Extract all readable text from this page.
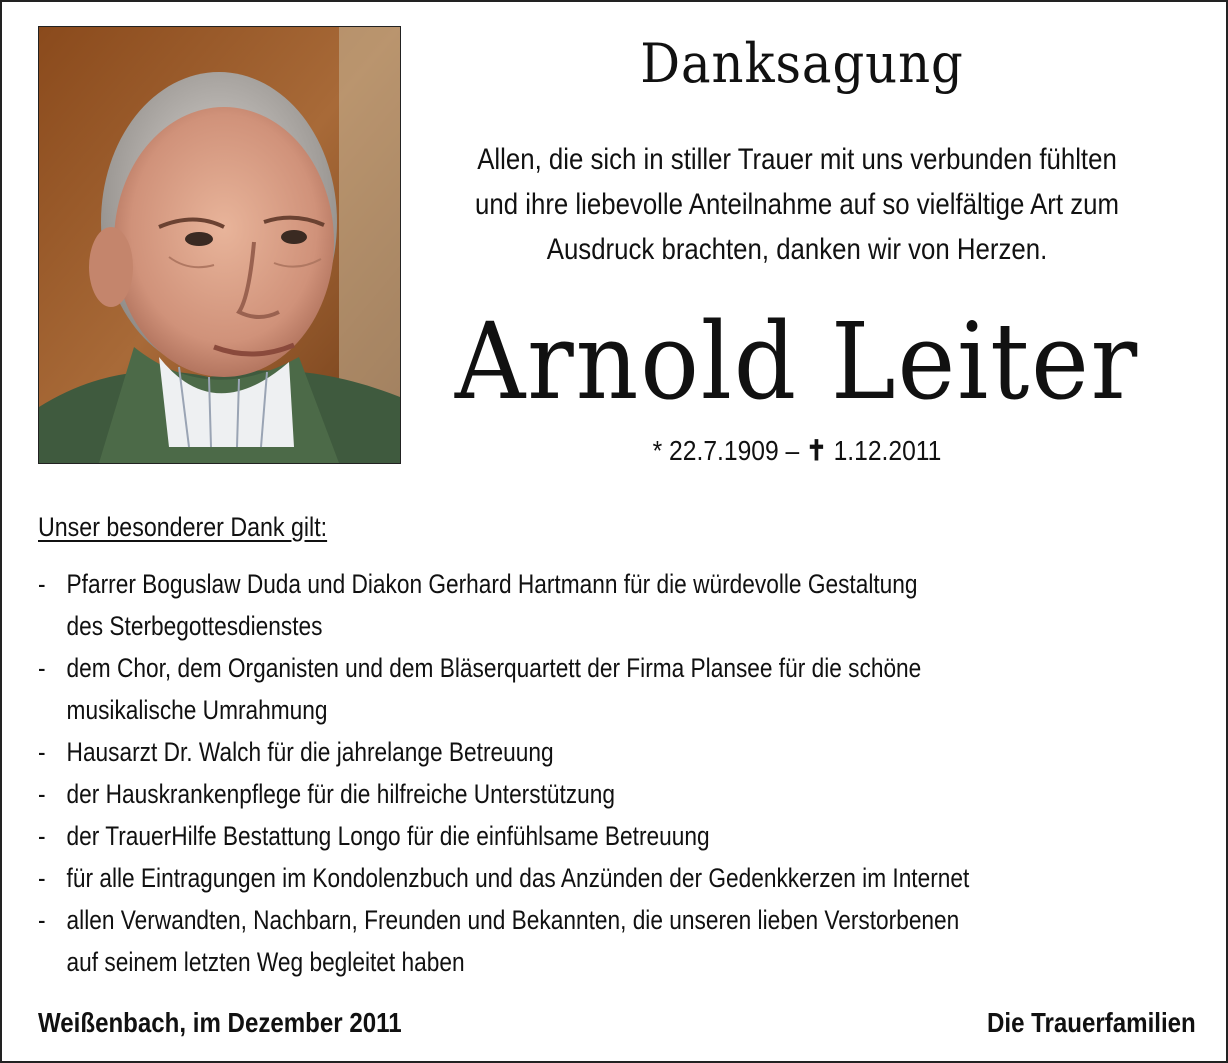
Danksagung
Allen, die sich in stiller Trauer mit uns verbunden fühlten
und ihre liebevolle Anteilnahme auf so vielfältige Art zum
Ausdruck brachten, danken wir von Herzen.
Arnold Leiter
* 22.7.1909 – ✝ 1.12.2011
Unser besonderer Dank gilt:
- Pfarrer Boguslaw Duda und Diakon Gerhard Hartmann für die würdevolle Gestaltung
des Sterbegottesdienstes
- dem Chor, dem Organisten und dem Bläserquartett der Firma Plansee für die schöne
musikalische Umrahmung
- Hausarzt Dr. Walch für die jahrelange Betreuung
- der Hauskrankenpflege für die hilfreiche Unterstützung
- der TrauerHilfe Bestattung Longo für die einfühlsame Betreuung
- für alle Eintragungen im Kondolenzbuch und das Anzünden der Gedenkkerzen im Internet
- allen Verwandten, Nachbarn, Freunden und Bekannten, die unseren lieben Verstorbenen
auf seinem letzten Weg begleitet haben
Weißenbach, im Dezember 2011	Die Trauerfamilien
